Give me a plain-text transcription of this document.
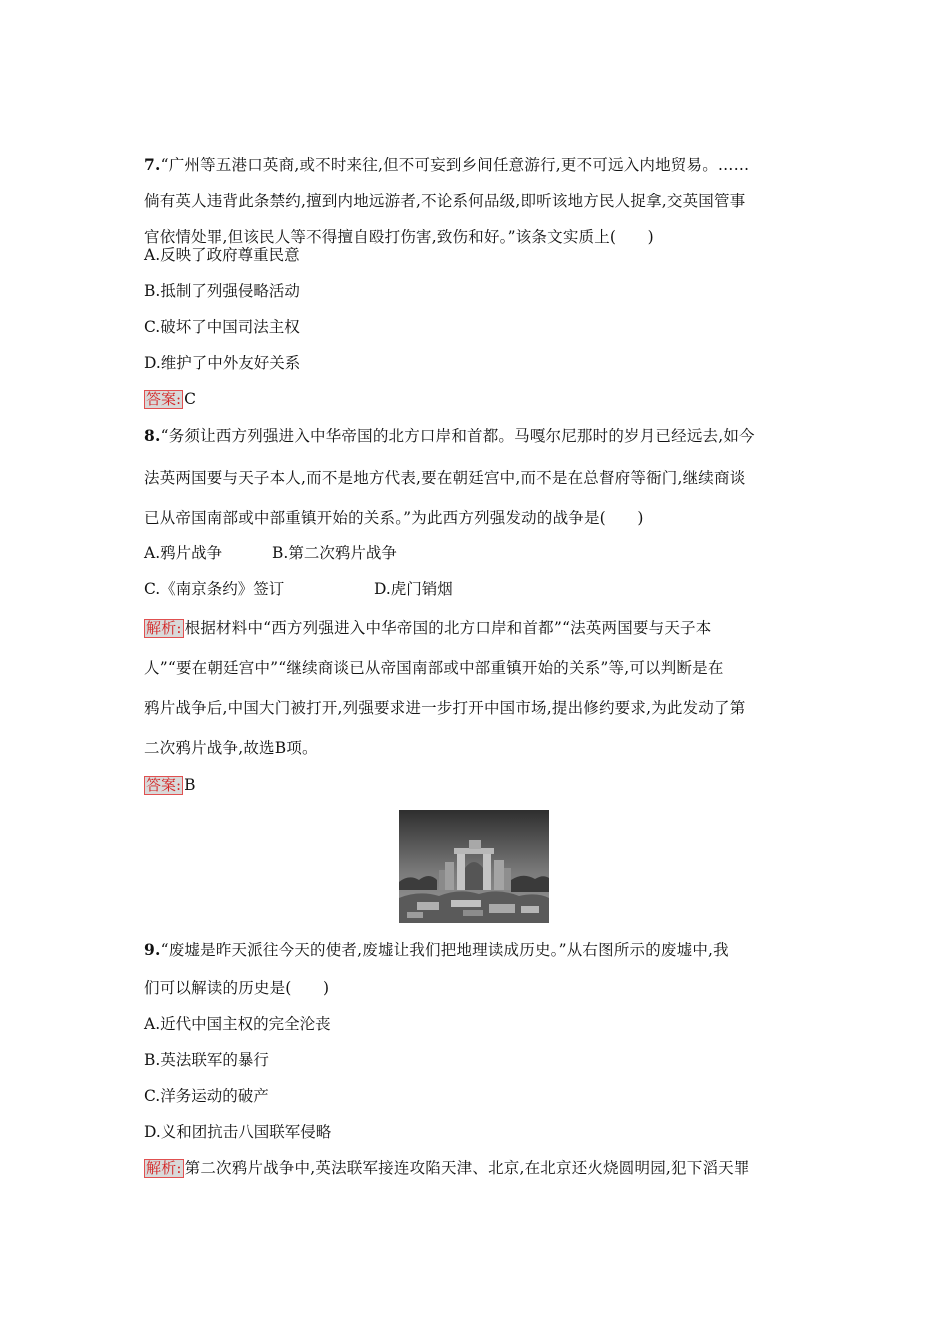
7.“广州等五港口英商,或不时来往,但不可妄到乡间任意游行,更不可远入内地贸易。……
倘有英人违背此条禁约,擅到内地远游者,不论系何品级,即听该地方民人捉拿,交英国管事
官依情处罪,但该民人等不得擅自殴打伤害,致伤和好。”该条文实质上(　　)
A.反映了政府尊重民意
B.抵制了列强侵略活动
C.破坏了中国司法主权
D.维护了中外友好关系
答案: C
8.“务须让西方列强进入中华帝国的北方口岸和首都。马嘎尔尼那时的岁月已经远去,如今
法英两国要与天子本人,而不是地方代表,要在朝廷宫中,而不是在总督府等衙门,继续商谈
已从帝国南部或中部重镇开始的关系。”为此西方列强发动的战争是(　　)
A.鸦片战争	B.第二次鸦片战争
C.《南京条约》签订	D.虎门销烟
解析: 根据材料中“西方列强进入中华帝国的北方口岸和首都”“法英两国要与天子本
人”“要在朝廷宫中”“继续商谈已从帝国南部或中部重镇开始的关系”等,可以判断是在
鸦片战争后,中国大门被打开,列强要求进一步打开中国市场,提出修约要求,为此发动了第
二次鸦片战争,故选B项。
答案: B
9.“废墟是昨天派往今天的使者,废墟让我们把地理读成历史。”从右图所示的废墟中,我
们可以解读的历史是(　　)
A.近代中国主权的完全沦丧
B.英法联军的暴行
C.洋务运动的破产
D.义和团抗击八国联军侵略
解析: 第二次鸦片战争中,英法联军接连攻陷天津、北京,在北京还火烧圆明园,犯下滔天罪
